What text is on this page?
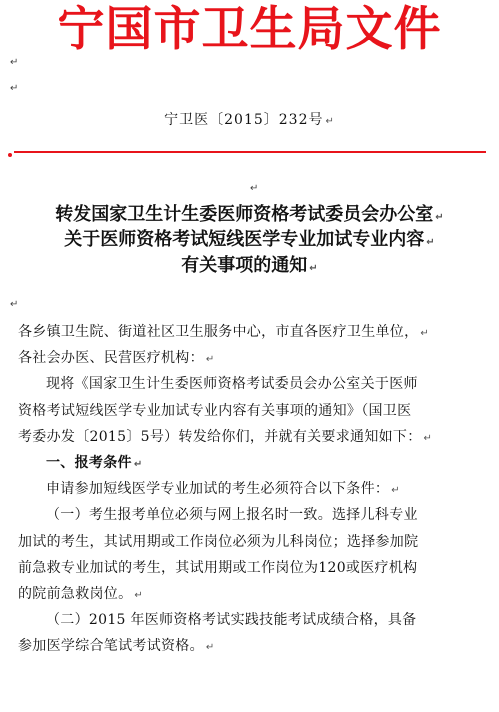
宁国市卫生局文件
↵
↵
宁卫医〔2015〕232号 ↵
↵
转发国家卫生计生委医师资格考试委员会办公室 ↵
关于医师资格考试短线医学专业加试专业内容 ↵
有关事项的通知 ↵
↵
各乡镇卫生院、街道社区卫生服务中心，市直各医疗卫生单位， ↵
各社会办医、民营医疗机构： ↵
现将《国家卫生计生委医师资格考试委员会办公室关于医师
资格考试短线医学专业加试专业内容有关事项的通知》（国卫医
考委办发〔2015〕5号）转发给你们，并就有关要求通知如下： ↵
一、报考条件 ↵
申请参加短线医学专业加试的考生必须符合以下条件： ↵
（一）考生报考单位必须与网上报名时一致。选择儿科专业
加试的考生，其试用期或工作岗位必须为儿科岗位；选择参加院
前急救专业加试的考生，其试用期或工作岗位为120或医疗机构
的院前急救岗位。 ↵
（二）2015 年医师资格考试实践技能考试成绩合格，具备
参加医学综合笔试考试资格。 ↵
